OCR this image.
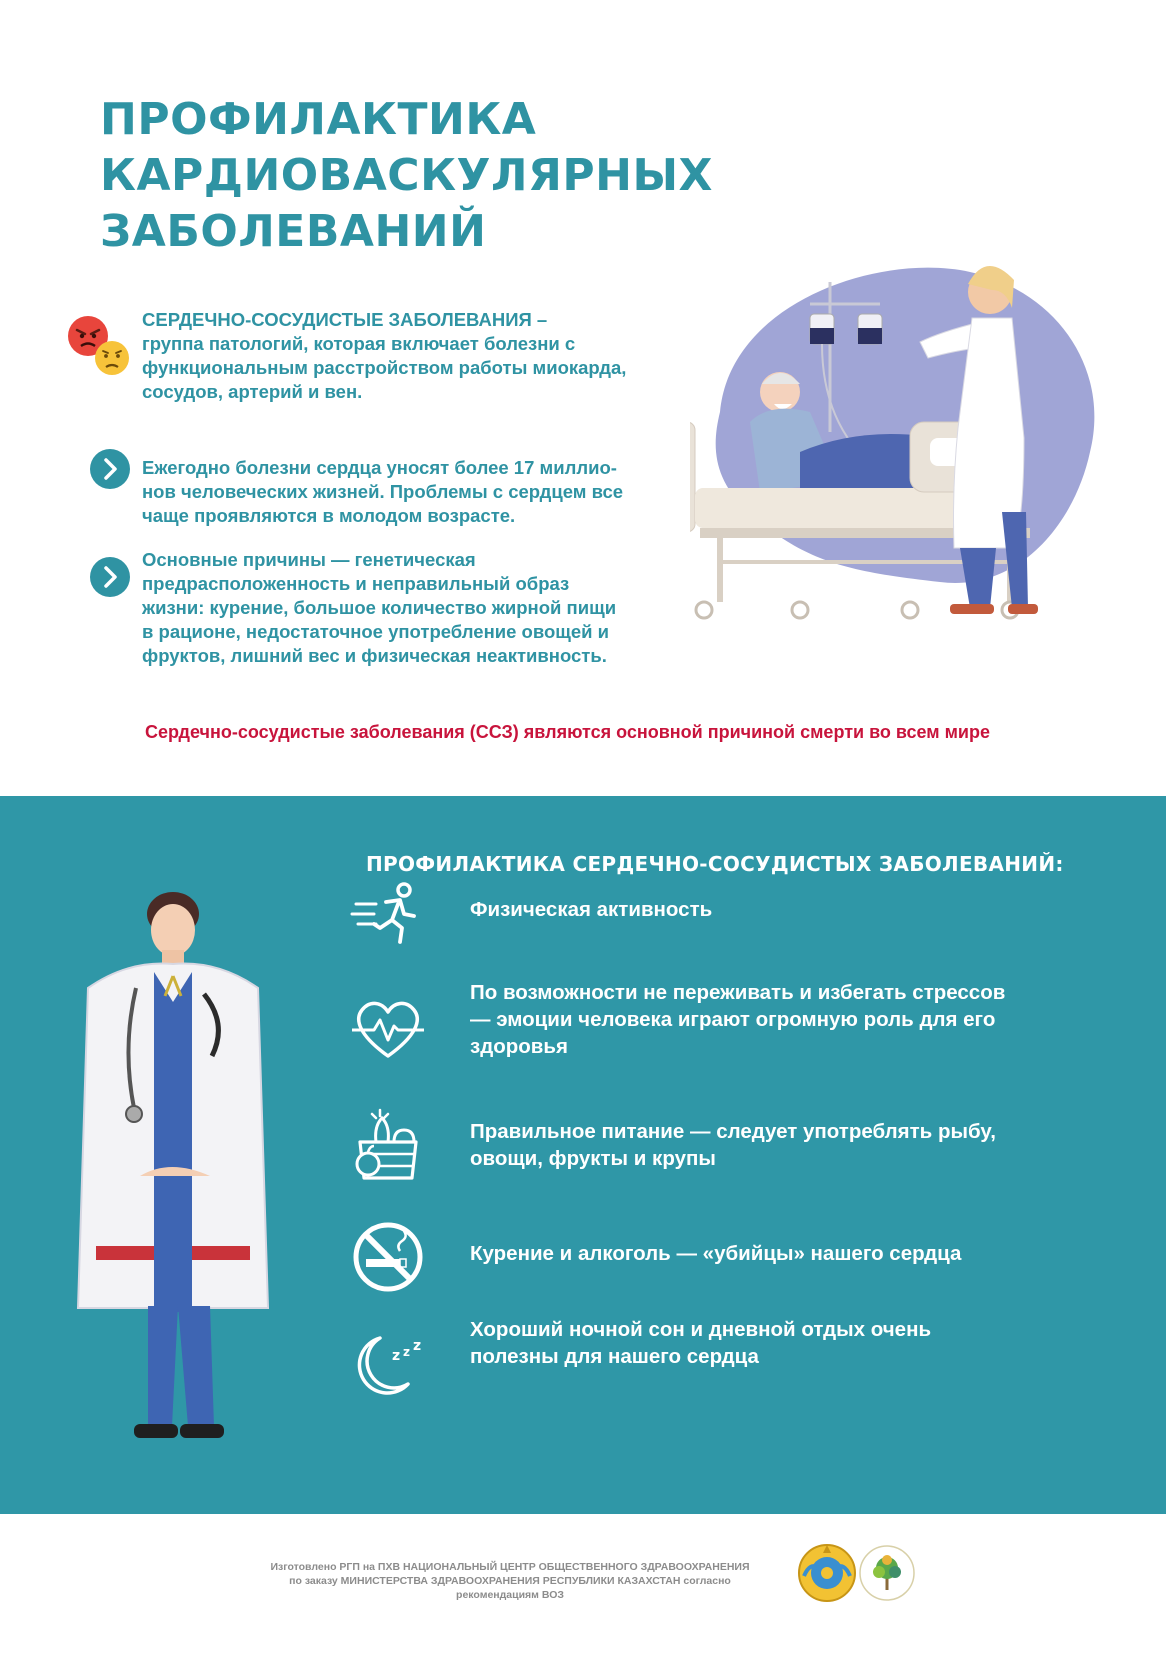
ПРОФИЛАКТИКА
КАРДИОВАСКУЛЯРНЫХ
ЗАБОЛЕВАНИЙ
СЕРДЕЧНО-СОСУДИСТЫЕ ЗАБОЛЕВАНИЯ –
группа патологий, которая включает болезни с
функциональным расстройством работы миокарда,
сосудов, артерий и вен.
Ежегодно болезни сердца уносят более 17 миллио-
нов человеческих жизней. Проблемы с сердцем все
чаще проявляются в молодом возрасте.
Основные причины — генетическая
предрасположенность и неправильный образ
жизни: курение, большое количество жирной пищи
в рационе, недостаточное употребление овощей и
фруктов, лишний вес и физическая неактивность.
Сердечно-сосудистые заболевания (ССЗ) являются основной причиной смерти во всем мире
ПРОФИЛАКТИКА СЕРДЕЧНО-СОСУДИСТЫХ ЗАБОЛЕВАНИЙ:
Физическая активность
По возможности не переживать и избегать стрессов
— эмоции человека играют огромную роль для его
здоровья
Правильное питание — следует употреблять рыбу,
овощи, фрукты и крупы
Курение и алкоголь — «убийцы» нашего сердца
z z z
Хороший ночной сон и дневной отдых очень
полезны для нашего сердца
Изготовлено РГП на ПХВ НАЦИОНАЛЬНЫЙ ЦЕНТР ОБЩЕСТВЕННОГО ЗДРАВООХРАНЕНИЯ
по заказу МИНИСТЕРСТВА ЗДРАВООХРАНЕНИЯ РЕСПУБЛИКИ КАЗАХСТАН согласно
рекомендациям ВОЗ
